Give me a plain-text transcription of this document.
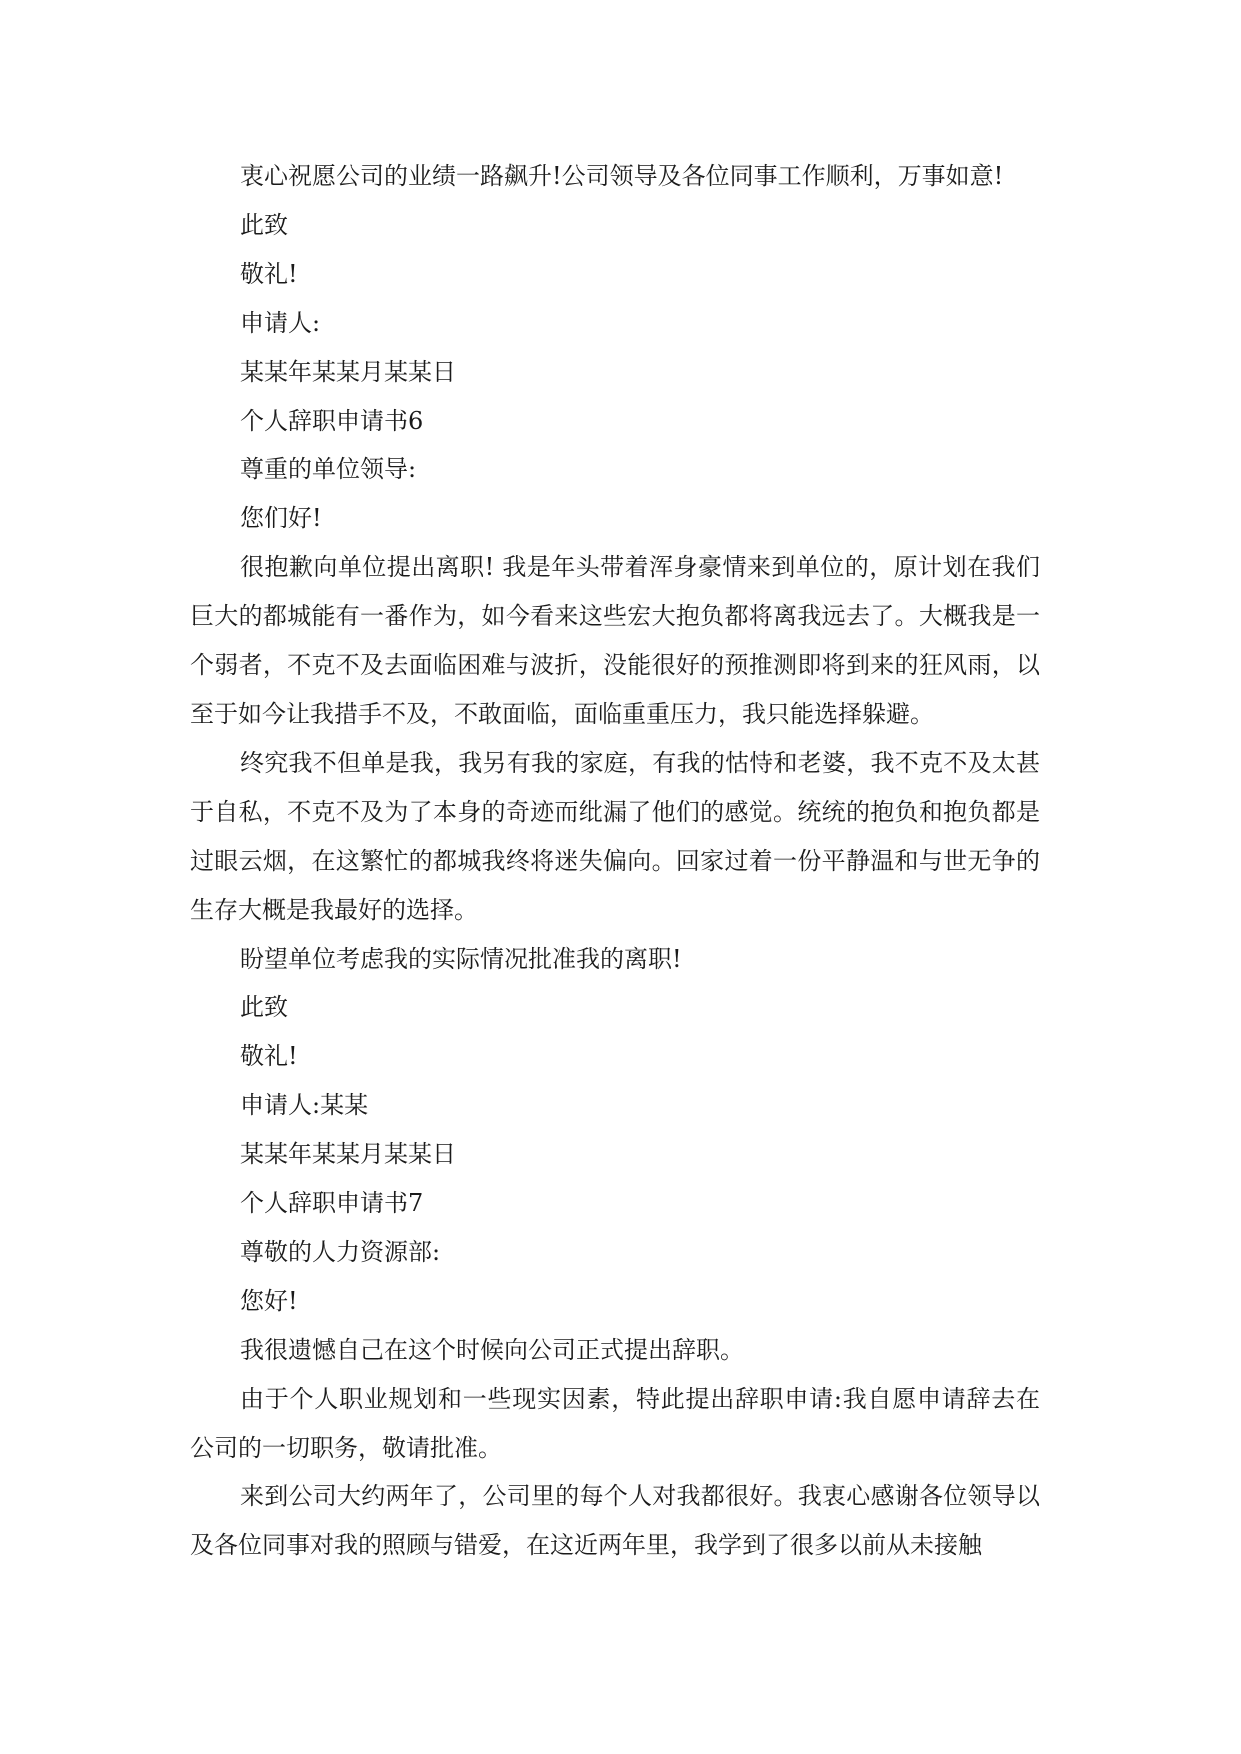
衷心祝愿公司的业绩一路飙升!公司领导及各位同事工作顺利，万事如意!

此致

敬礼!

申请人:

某某年某某月某某日

个人辞职申请书6

尊重的单位领导:

您们好!

很抱歉向单位提出离职! 我是年头带着浑身豪情来到单位的，原计划在我们巨大的都城能有一番作为，如今看来这些宏大抱负都将离我远去了。大概我是一个弱者，不克不及去面临困难与波折，没能很好的预推测即将到来的狂风雨，以至于如今让我措手不及，不敢面临，面临重重压力，我只能选择躲避。

终究我不但单是我，我另有我的家庭，有我的怙恃和老婆，我不克不及太甚于自私，不克不及为了本身的奇迹而纰漏了他们的感觉。统统的抱负和抱负都是过眼云烟，在这繁忙的都城我终将迷失偏向。回家过着一份平静温和与世无争的生存大概是我最好的选择。

盼望单位考虑我的实际情况批准我的离职!

此致

敬礼!

申请人:某某

某某年某某月某某日

个人辞职申请书7

尊敬的人力资源部:

您好!

我很遗憾自己在这个时候向公司正式提出辞职。

由于个人职业规划和一些现实因素，特此提出辞职申请:我自愿申请辞去在公司的一切职务，敬请批准。

来到公司大约两年了，公司里的每个人对我都很好。我衷心感谢各位领导以及各位同事对我的照顾与错爱，在这近两年里，我学到了很多以前从未接触
